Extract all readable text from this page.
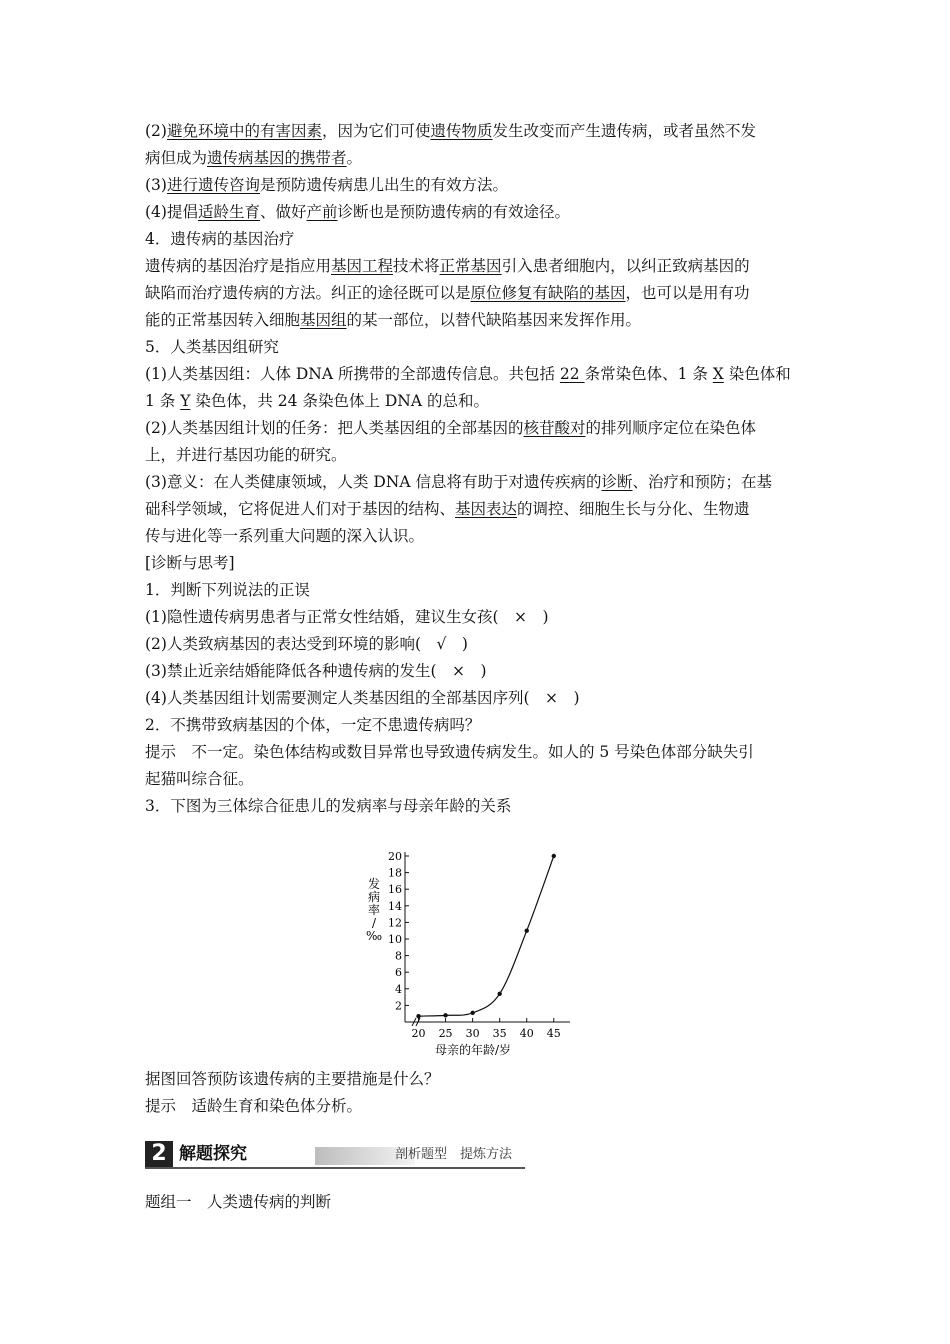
(2)避免环境中的有害因素，因为它们可使遗传物质发生改变而产生遗传病，或者虽然不发
病但成为遗传病基因的携带者。
(3)进行遗传咨询是预防遗传病患儿出生的有效方法。
(4)提倡适龄生育、做好产前诊断也是预防遗传病的有效途径。
4．遗传病的基因治疗
遗传病的基因治疗是指应用基因工程技术将正常基因引入患者细胞内，以纠正致病基因的
缺陷而治疗遗传病的方法。纠正的途径既可以是原位修复有缺陷的基因，也可以是用有功
能的正常基因转入细胞基因组的某一部位，以替代缺陷基因来发挥作用。
5．人类基因组研究
(1)人类基因组：人体 DNA 所携带的全部遗传信息。共包括 22 条常染色体、1 条 X 染色体和
1 条 Y 染色体，共 24 条染色体上 DNA 的总和。
(2)人类基因组计划的任务：把人类基因组的全部基因的核苷酸对的排列顺序定位在染色体
上，并进行基因功能的研究。
(3)意义：在人类健康领域，人类 DNA 信息将有助于对遗传疾病的诊断、治疗和预防；在基
础科学领域，它将促进人们对于基因的结构、基因表达的调控、细胞生长与分化、生物遗
传与进化等一系列重大问题的深入认识。
[诊断与思考]
1．判断下列说法的正误
(1)隐性遗传病男患者与正常女性结婚，建议生女孩(　×　)
(2)人类致病基因的表达受到环境的影响(　√　)
(3)禁止近亲结婚能降低各种遗传病的发生(　×　)
(4)人类基因组计划需要测定人类基因组的全部基因序列(　×　)
2．不携带致病基因的个体，一定不患遗传病吗？
提示　不一定。染色体结构或数目异常也导致遗传病发生。如人的 5 号染色体部分缺失引
起猫叫综合征。
3．下图为三体综合征患儿的发病率与母亲年龄的关系
2
4
6
8
10
12
14
16
18
20
20 25 30 35 40 45
发病率/ ‰
母亲的年龄/岁
据图回答预防该遗传病的主要措施是什么？
提示　适龄生育和染色体分析。
2 解题探究	剖析题型　提炼方法
题组一　人类遗传病的判断
